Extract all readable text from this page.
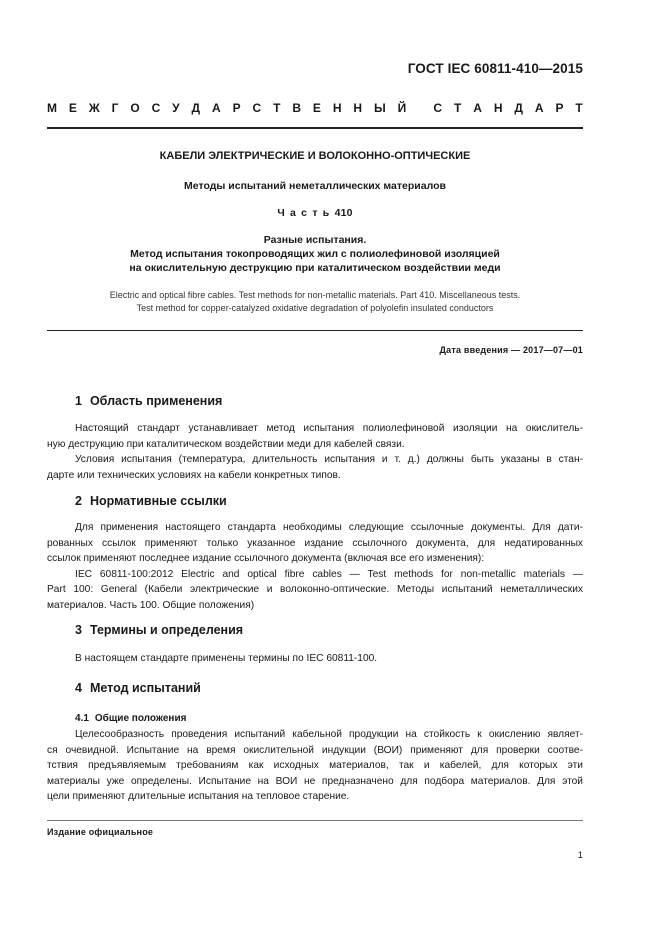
ГОСТ IEC 60811-410—2015
М Е Ж Г О С У Д А Р С Т В Е Н Н Ы Й
С Т А Н Д А Р Т
КАБЕЛИ ЭЛЕКТРИЧЕСКИЕ И ВОЛОКОННО-ОПТИЧЕСКИЕ
Методы испытаний неметаллических материалов
Ч а с т ь 410
Разные испытания.
Метод испытания токопроводящих жил с полиолефиновой изоляцией
на окислительную деструкцию при каталитическом воздействии меди
Electric and optical fibre cables. Test methods for non-metallic materials. Part 410. Miscellaneous tests.
Test method for copper-catalyzed oxidative degradation of polyolefin insulated conductors
Дата введения — 2017—07—01
1 Область применения
Настоящий стандарт устанавливает метод испытания полиолефиновой изоляции на окислитель-
ную деструкцию при каталитическом воздействии меди для кабелей связи.
Условия испытания (температура, длительность испытания и т. д.) должны быть указаны в стан-
дарте или технических условиях на кабели конкретных типов.
2 Нормативные ссылки
Для применения настоящего стандарта необходимы следующие ссылочные документы. Для дати-
рованных ссылок применяют только указанное издание ссылочного документа, для недатированных
ссылок применяют последнее издание ссылочного документа (включая все его изменения):
IEC 60811-100:2012 Electric and optical fibre cables — Test methods for non-metallic materials —
Part 100: General (Кабели электрические и волоконно-оптические. Методы испытаний неметаллических
материалов. Часть 100. Общие положения)
3 Термины и определения
В настоящем стандарте применены термины по IEC 60811-100.
4 Метод испытаний
4.1 Общие положения
Целесообразность проведения испытаний кабельной продукции на стойкость к окислению являет-
ся очевидной. Испытание на время окислительной индукции (ВОИ) применяют для проверки соотве-
тствия предъявляемым требованиям как исходных материалов, так и кабелей, для которых эти
материалы уже определены. Испытание на ВОИ не предназначено для подбора материалов. Для этой
цели применяют длительные испытания на тепловое старение.
Издание официальное
1
